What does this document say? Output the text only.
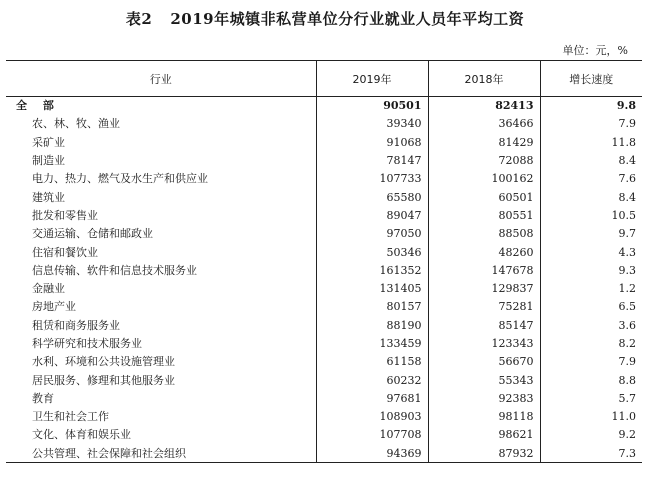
表2 2019年城镇非私营单位分行业就业人员年平均工资
单位：元，%
行业	2019年	2018年	增长速度
全 部	90501	82413	9.8
农、林、牧、渔业	39340	36466	7.9
采矿业	91068	81429	11.8
制造业	78147	72088	8.4
电力、热力、燃气及水生产和供应业	107733	100162	7.6
建筑业	65580	60501	8.4
批发和零售业	89047	80551	10.5
交通运输、仓储和邮政业	97050	88508	9.7
住宿和餐饮业	50346	48260	4.3
信息传输、软件和信息技术服务业	161352	147678	9.3
金融业	131405	129837	1.2
房地产业	80157	75281	6.5
租赁和商务服务业	88190	85147	3.6
科学研究和技术服务业	133459	123343	8.2
水利、环境和公共设施管理业	61158	56670	7.9
居民服务、修理和其他服务业	60232	55343	8.8
教育	97681	92383	5.7
卫生和社会工作	108903	98118	11.0
文化、体育和娱乐业	107708	98621	9.2
公共管理、社会保障和社会组织	94369	87932	7.3
